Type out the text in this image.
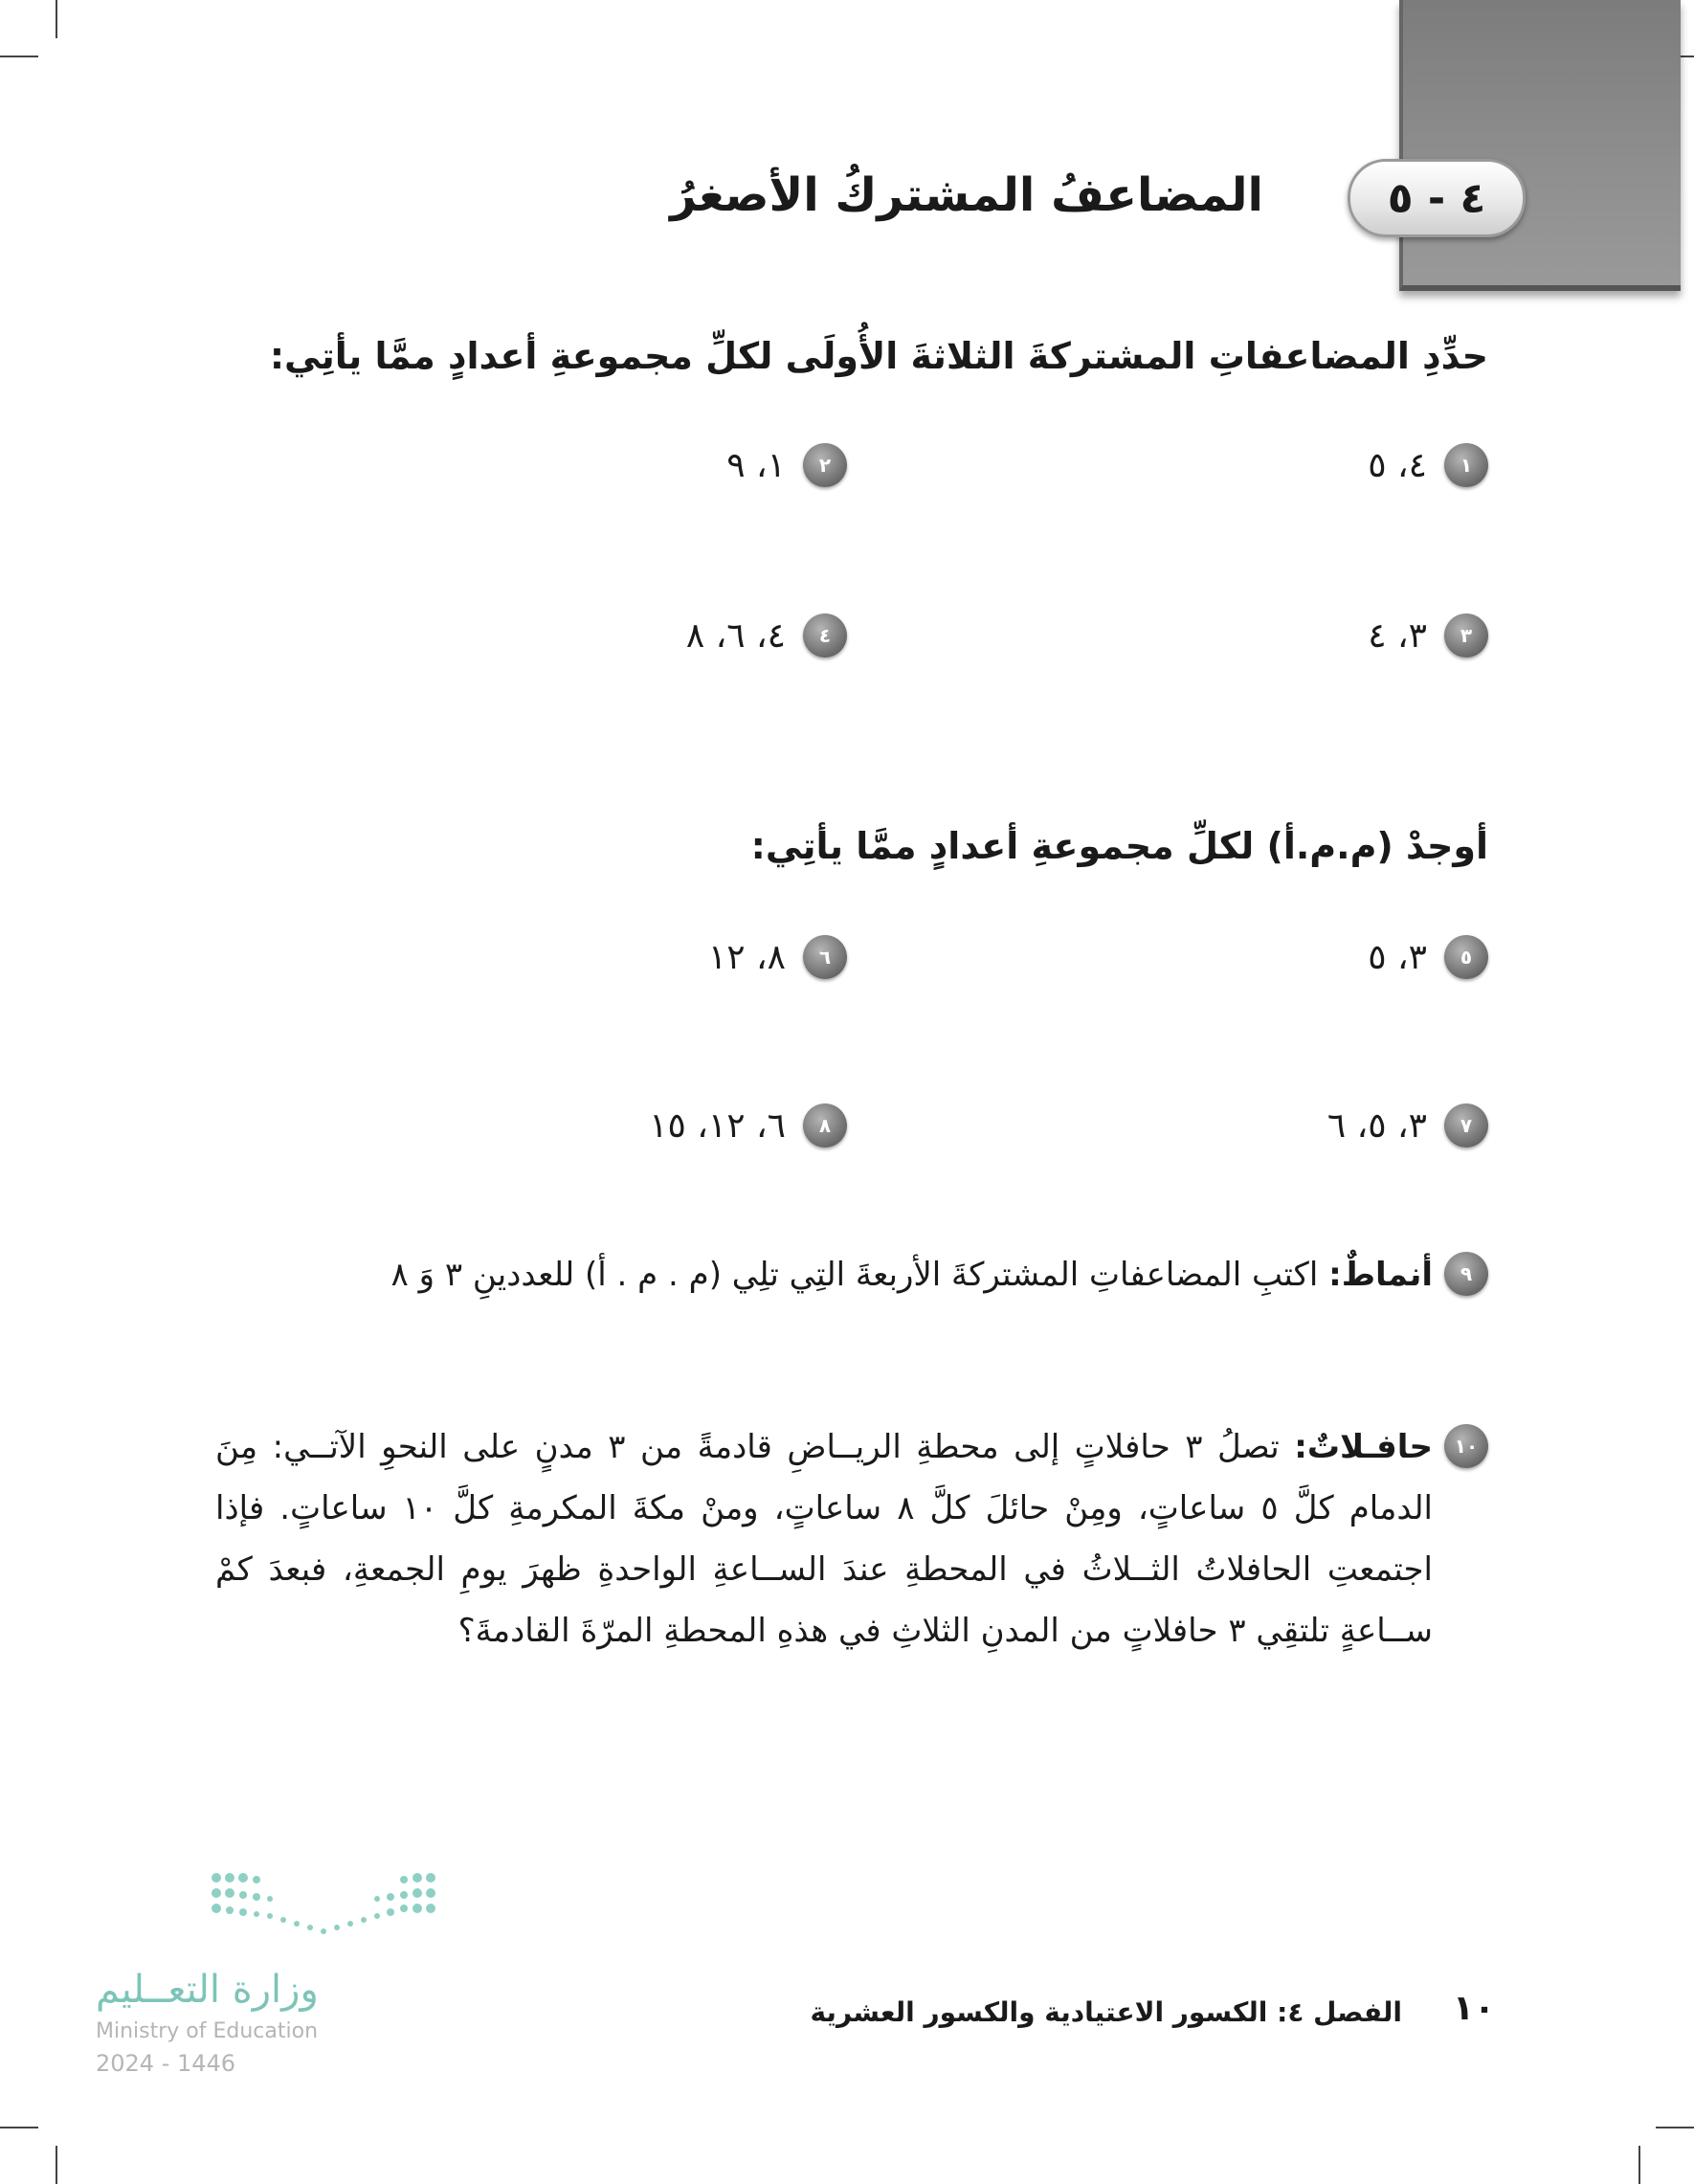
٤ - ٥
المضاعفُ المشتركُ الأصغرُ
حدِّدِ المضاعفاتِ المشتركةَ الثلاثةَ الأُولَى لكلِّ مجموعةِ أعدادٍ ممَّا يأتِي:
١
٤، ٥
٢
١، ٩
٣
٣، ٤
٤
٤، ٦، ٨
أوجدْ (م.م.أ) لكلِّ مجموعةِ أعدادٍ ممَّا يأتِي:
٥
٣، ٥
٦
٨، ١٢
٧
٣، ٥، ٦
٨
٦، ١٢، ١٥
٩
أنماطٌ: اكتبِ المضاعفاتِ المشتركةَ الأربعةَ التِي تلِي (م . م . أ) للعددينِ ٣ وَ ٨
١٠
حافـلاتٌ: تصلُ ٣ حافلاتٍ إلى محطةِ الريــاضِ قادمةً من ٣ مدنٍ على النحوِ الآتــي: مِنَ الدمام كلَّ ٥ ساعاتٍ، ومِنْ حائلَ كلَّ ٨ ساعاتٍ، ومنْ مكةَ المكرمةِ كلَّ ١٠ ساعاتٍ. فإذا اجتمعتِ الحافلاتُ الثــلاثُ في المحطةِ عندَ الســاعةِ الواحدةِ ظهرَ يومِ الجمعةِ، فبعدَ كمْ ســاعةٍ تلتقِي ٣ حافلاتٍ من المدنِ الثلاثِ في هذهِ المحطةِ المرّةَ القادمةَ؟
وزارة التعــليم
Ministry of Education
2024 - 1446
١٠
الفصل ٤: الكسور الاعتيادية والكسور العشرية
